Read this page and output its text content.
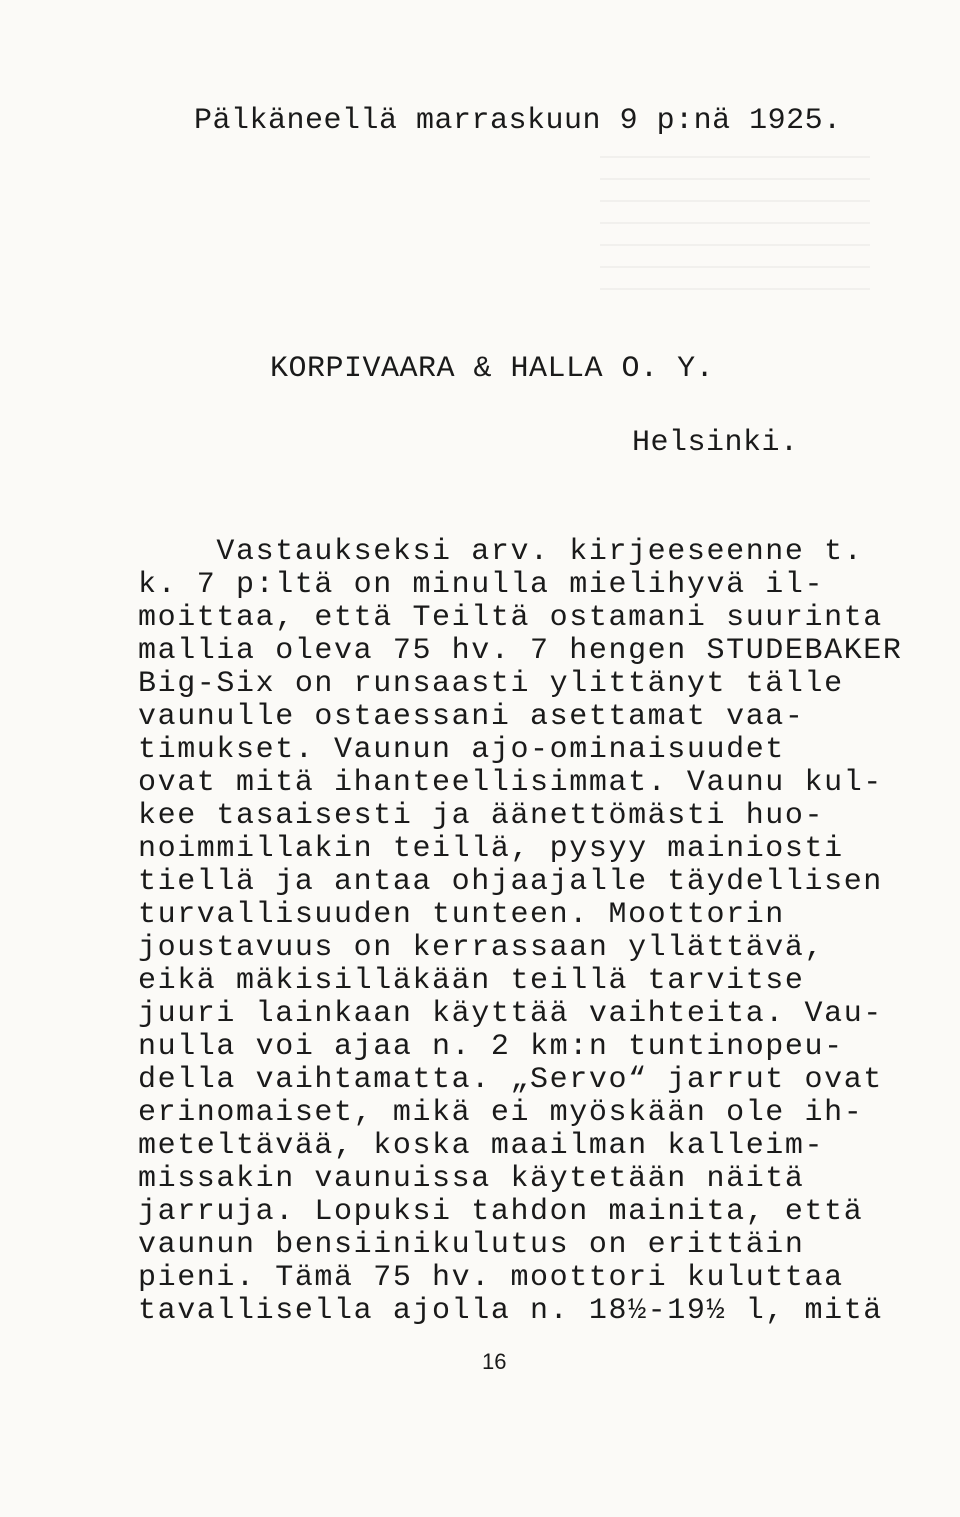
Pälkäneellä marraskuun 9 p:nä 1925.
KORPIVAARA & HALLA O. Y.
Helsinki.
Vastaukseksi arv. kirjeeseenne t.
k. 7 p:ltä on minulla mielihyvä il-
moittaa, että Teiltä ostamani suurinta
mallia oleva 75 hv. 7 hengen STUDEBAKER
Big-Six on runsaasti ylittänyt tälle
vaunulle ostaessani asettamat vaa-
timukset. Vaunun ajo-ominaisuudet
ovat mitä ihanteellisimmat. Vaunu kul-
kee tasaisesti ja äänettömästi huo-
noimmillakin teillä, pysyy mainiosti
tiellä ja antaa ohjaajalle täydellisen
turvallisuuden tunteen. Moottorin
joustavuus on kerrassaan yllättävä,
eikä mäkisilläkään teillä tarvitse
juuri lainkaan käyttää vaihteita. Vau-
nulla voi ajaa n. 2 km:n tuntinopeu-
della vaihtamatta. „Servo“ jarrut ovat
erinomaiset, mikä ei myöskään ole ih-
meteltävää, koska maailman kalleim-
missakin vaunuissa käytetään näitä
jarruja. Lopuksi tahdon mainita, että
vaunun bensiinikulutus on erittäin
pieni. Tämä 75 hv. moottori kuluttaa
tavallisella ajolla n. 18½-19½ l, mitä
16
